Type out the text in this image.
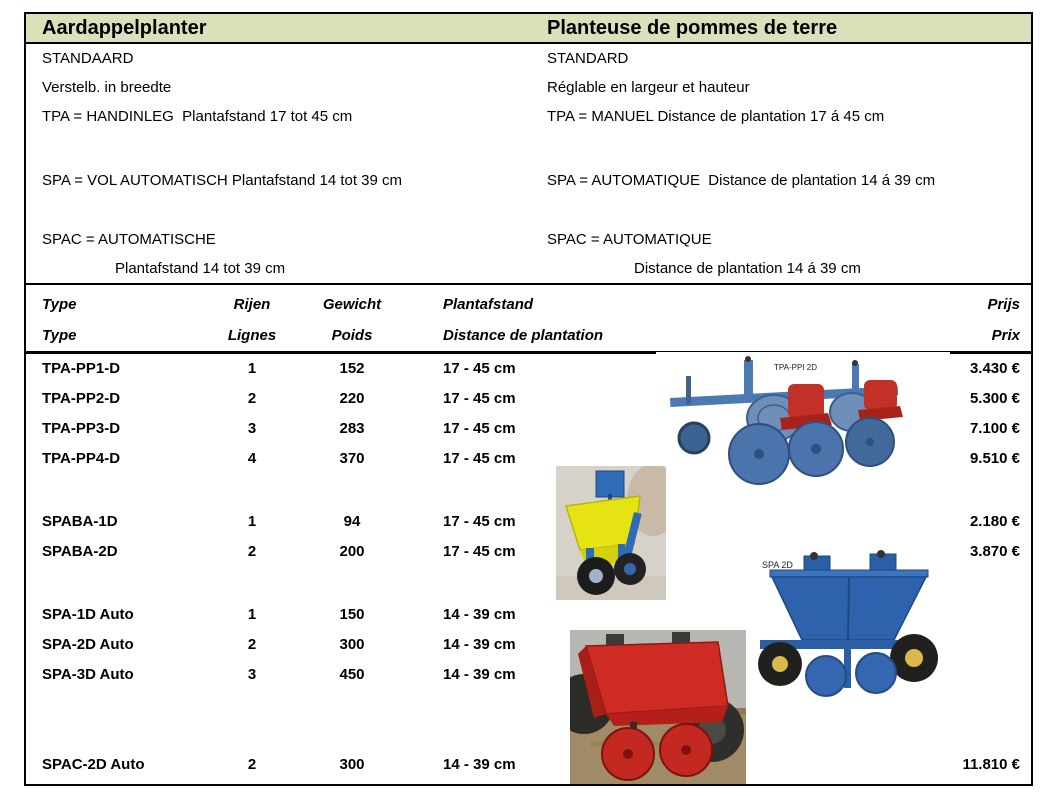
Aardappelplanter	Planteuse de pommes de terre
STANDAARD	STANDARD
Verstelb. in breedte	Réglable en largeur et hauteur
TPA = HANDINLEG  Plantafstand 17 tot 45 cm	TPA = MANUEL Distance de plantation 17 á 45 cm
SPA = VOL AUTOMATISCH Plantafstand 14 tot 39 cm	SPA = AUTOMATIQUE  Distance de plantation 14 á 39 cm
SPAC = AUTOMATISCHE	SPAC = AUTOMATIQUE
Plantafstand 14 tot 39 cm	Distance de plantation 14 á 39 cm
Type	Rijen	Gewicht	Plantafstand	Prijs
Type	Lignes	Poids	Distance de plantation	Prix
TPA-PP1-D	1	152	17 - 45 cm	3.430 €
TPA-PP2-D	2	220	17 - 45 cm	5.300 €
TPA-PP3-D	3	283	17 - 45 cm	7.100 €
TPA-PP4-D	4	370	17 - 45 cm	9.510 €
SPABA-1D	1	94	17 - 45 cm	2.180 €
SPABA-2D	2	200	17 - 45 cm	3.870 €
SPA-1D Auto	1	150	14 - 39 cm
SPA-2D Auto	2	300	14 - 39 cm
SPA-3D Auto	3	450	14 - 39 cm
SPAC-2D Auto	2	300	14 - 39 cm	11.810 €
TPA-PPI 2D
SPA 2D
